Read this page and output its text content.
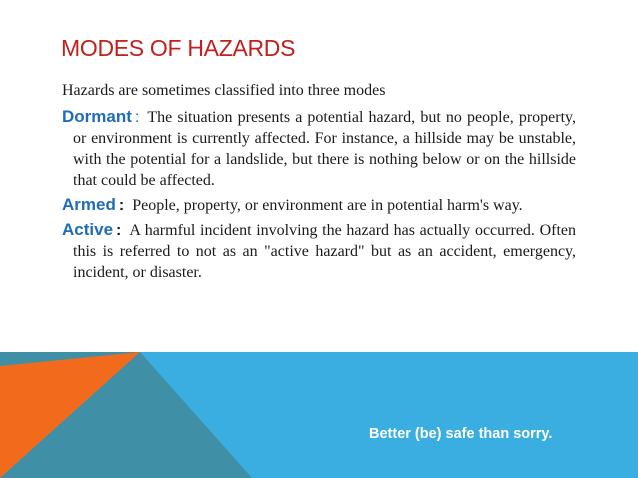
MODES OF HAZARDS

Hazards are sometimes classified into three modes

Dormant : The situation presents a potential hazard, but no people, property, or environment is currently affected. For instance, a hillside may be unstable, with the potential for a landslide, but there is nothing below or on the hillside that could be affected.

Armed : People, property, or environment are in potential harm's way.

Active : A harmful incident involving the hazard has actually occurred. Often this is referred to not as an "active hazard" but as an accident, emergency, incident, or disaster.

Better (be) safe than sorry.
